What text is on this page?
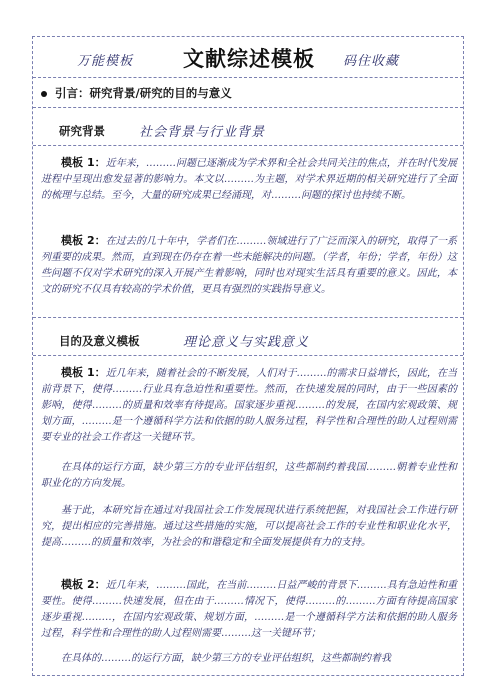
万能模板 文献综述模板 码住收藏
引言：研究背景/研究的目的与意义
研究背景	社会背景与行业背景

模板 1：近年来，………问题已逐渐成为学术界和全社会共同关注的焦点，并在时代发展进程中呈现出愈发显著的影响力。本文以………为主题，对学术界近期的相关研究进行了全面的梳理与总结。至今，大量的研究成果已经涌现，对………问题的探讨也持续不断。

模板 2：在过去的几十年中，学者们在………领域进行了广泛而深入的研究，取得了一系列重要的成果。然而，直到现在仍存在着一些未能解决的问题。（学者，年份；学者，年份）这些问题不仅对学术研究的深入开展产生着影响，同时也对现实生活具有重要的意义。因此，本文的研究不仅具有较高的学术价值，更具有强烈的实践指导意义。

目的及意义模板	理论意义与实践意义

模板 1：近几年来，随着社会的不断发展，人们对于………的需求日益增长，因此，在当前背景下，使得………行业具有急迫性和重要性。然而，在快速发展的同时，由于一些因素的影响，使得………的质量和效率有待提高。国家逐步重视………的发展，在国内宏观政策、规划方面，………是一个遵循科学方法和依据的助人服务过程，科学性和合理性的助人过程则需要专业的社会工作者这一关键环节。

在具体的运行方面，缺少第三方的专业评估组织，这些都制约着我国………朝着专业性和职业化的方向发展。

基于此，本研究旨在通过对我国社会工作发展现状进行系统把握，对我国社会工作进行研究，提出相应的完善措施。通过这些措施的实施，可以提高社会工作的专业性和职业化水平，提高………的质量和效率，为社会的和谐稳定和全面发展提供有力的支持。

模板 2：近几年来，………国此，在当前………日益严峻的背景下………具有急迫性和重要性。使得………快速发展，但在由于………情况下，使得………的………方面有待提高国家逐步重视………，在国内宏观政策、规划方面，………是一个遵循科学方法和依据的助人服务过程，科学性和合理性的助人过程则需要………这一关键环节；

在具体的………的运行方面，缺少第三方的专业评估组织，这些都制约着我
